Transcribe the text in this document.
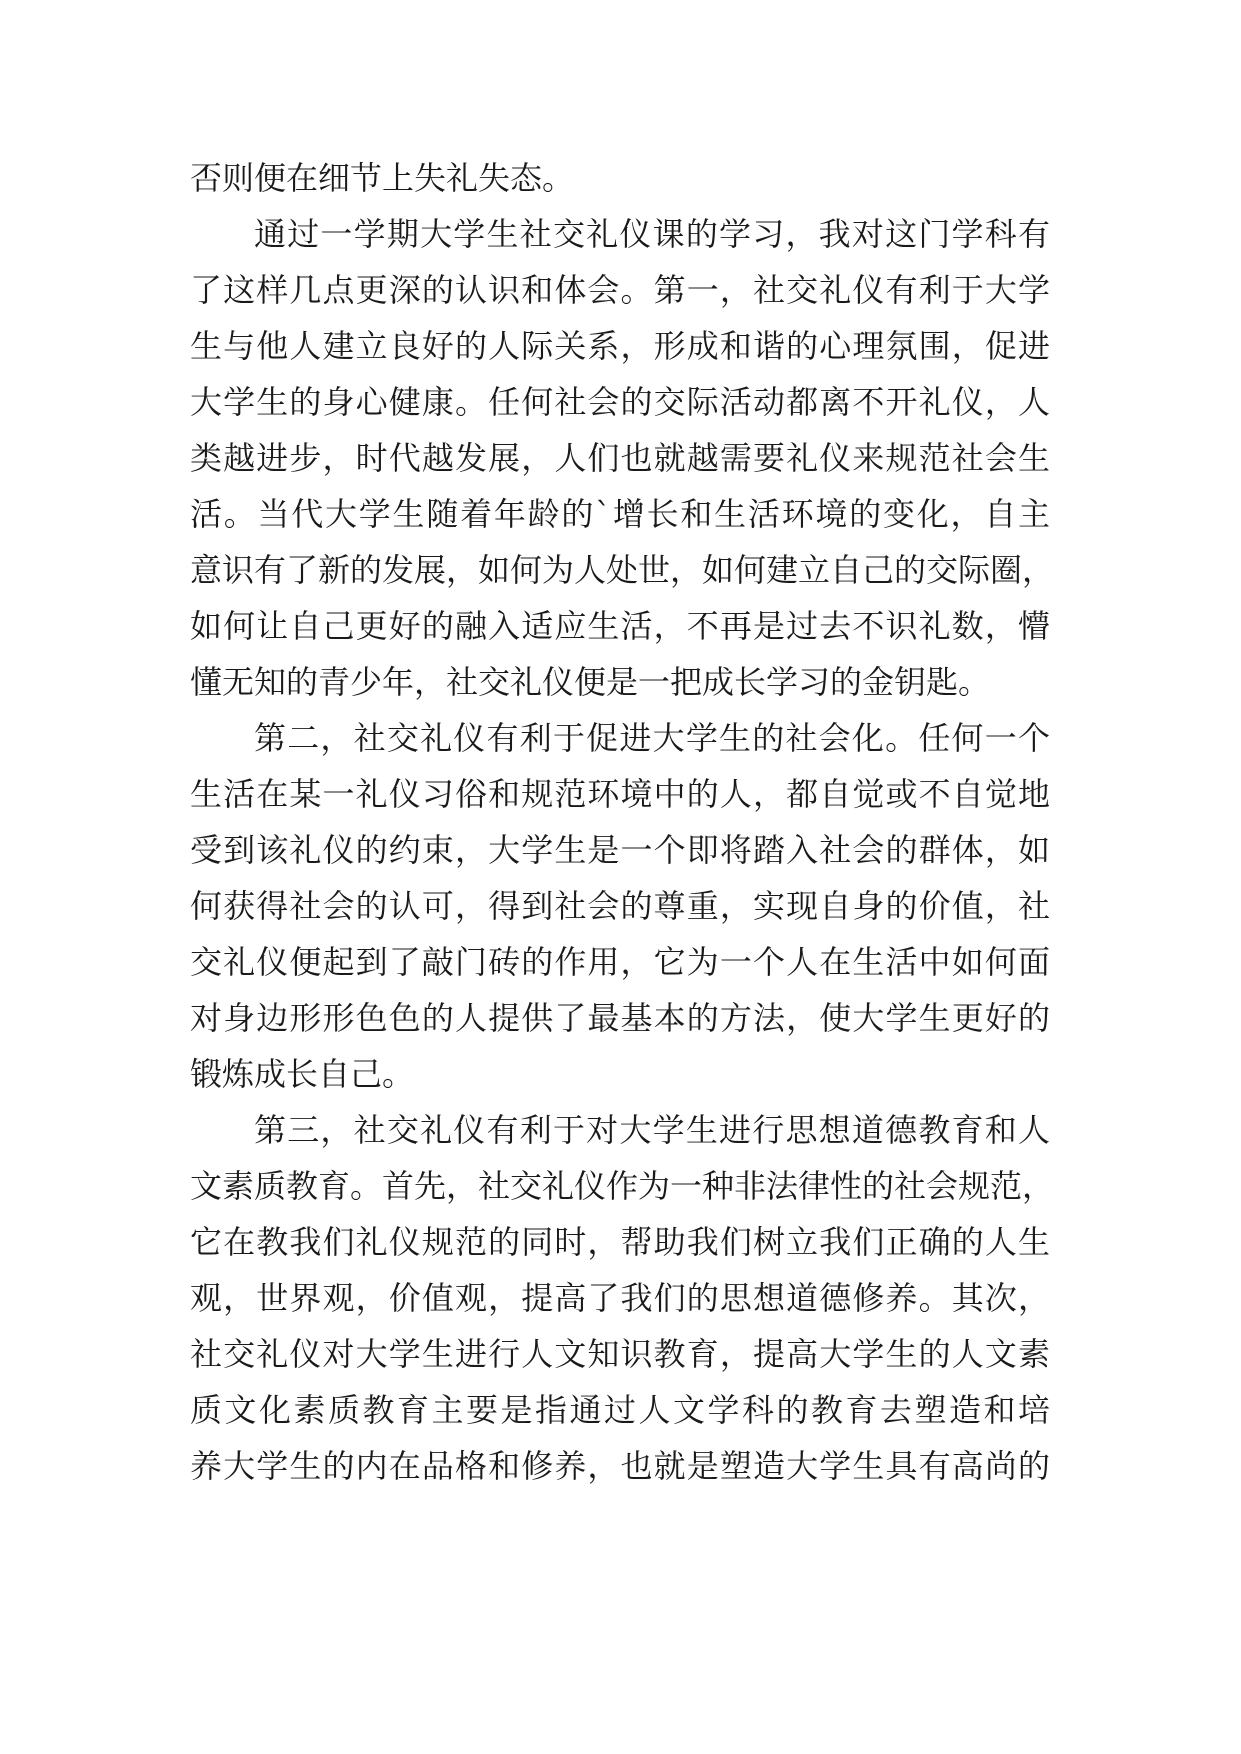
否则便在细节上失礼失态。
通过一学期大学生社交礼仪课的学习，我对这门学科有
了这样几点更深的认识和体会。第一，社交礼仪有利于大学
生与他人建立良好的人际关系，形成和谐的心理氛围，促进
大学生的身心健康。任何社会的交际活动都离不开礼仪，人
类越进步，时代越发展，人们也就越需要礼仪来规范社会生
活。当代大学生随着年龄的`增长和生活环境的变化，自主
意识有了新的发展，如何为人处世，如何建立自己的交际圈，
如何让自己更好的融入适应生活，不再是过去不识礼数，懵
懂无知的青少年，社交礼仪便是一把成长学习的金钥匙。
第二，社交礼仪有利于促进大学生的社会化。任何一个
生活在某一礼仪习俗和规范环境中的人，都自觉或不自觉地
受到该礼仪的约束，大学生是一个即将踏入社会的群体，如
何获得社会的认可，得到社会的尊重，实现自身的价值，社
交礼仪便起到了敲门砖的作用，它为一个人在生活中如何面
对身边形形色色的人提供了最基本的方法，使大学生更好的
锻炼成长自己。
第三，社交礼仪有利于对大学生进行思想道德教育和人
文素质教育。首先，社交礼仪作为一种非法律性的社会规范，
它在教我们礼仪规范的同时，帮助我们树立我们正确的人生
观，世界观，价值观，提高了我们的思想道德修养。其次，
社交礼仪对大学生进行人文知识教育，提高大学生的人文素
质文化素质教育主要是指通过人文学科的教育去塑造和培
养大学生的内在品格和修养，也就是塑造大学生具有高尚的
